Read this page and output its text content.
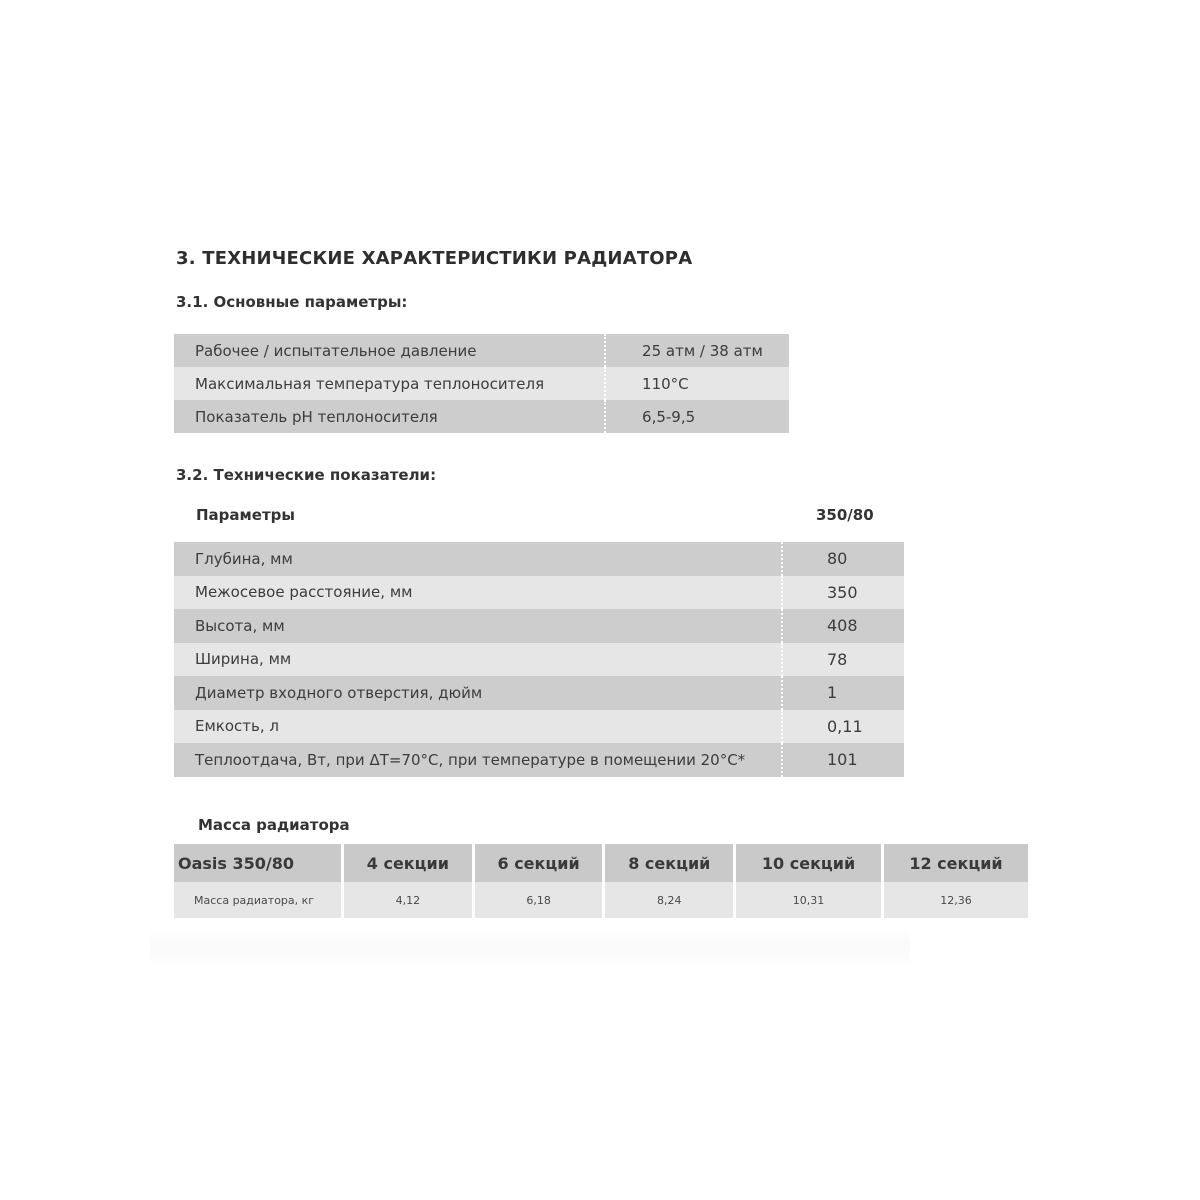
3. ТЕХНИЧЕСКИЕ ХАРАКТЕРИСТИКИ РАДИАТОРА
3.1. Основные параметры:
Рабочее / испытательное давление	25 атм / 38 атм
Максимальная температура теплоносителя	110°C
Показатель pH теплоносителя	6,5-9,5
3.2. Технические показатели:
Параметры	350/80
Глубина, мм	80
Межосевое расстояние, мм	350
Высота, мм	408
Ширина, мм	78
Диаметр входного отверстия, дюйм	1
Емкость, л	0,11
Теплоотдача, Вт, при ΔT=70°C, при температуре в помещении 20°C*	101
Масса радиатора
Oasis 350/80	4 секции	6 секций	8 секций	10 секций	12 секций
Масса радиатора, кг	4,12	6,18	8,24	10,31	12,36
